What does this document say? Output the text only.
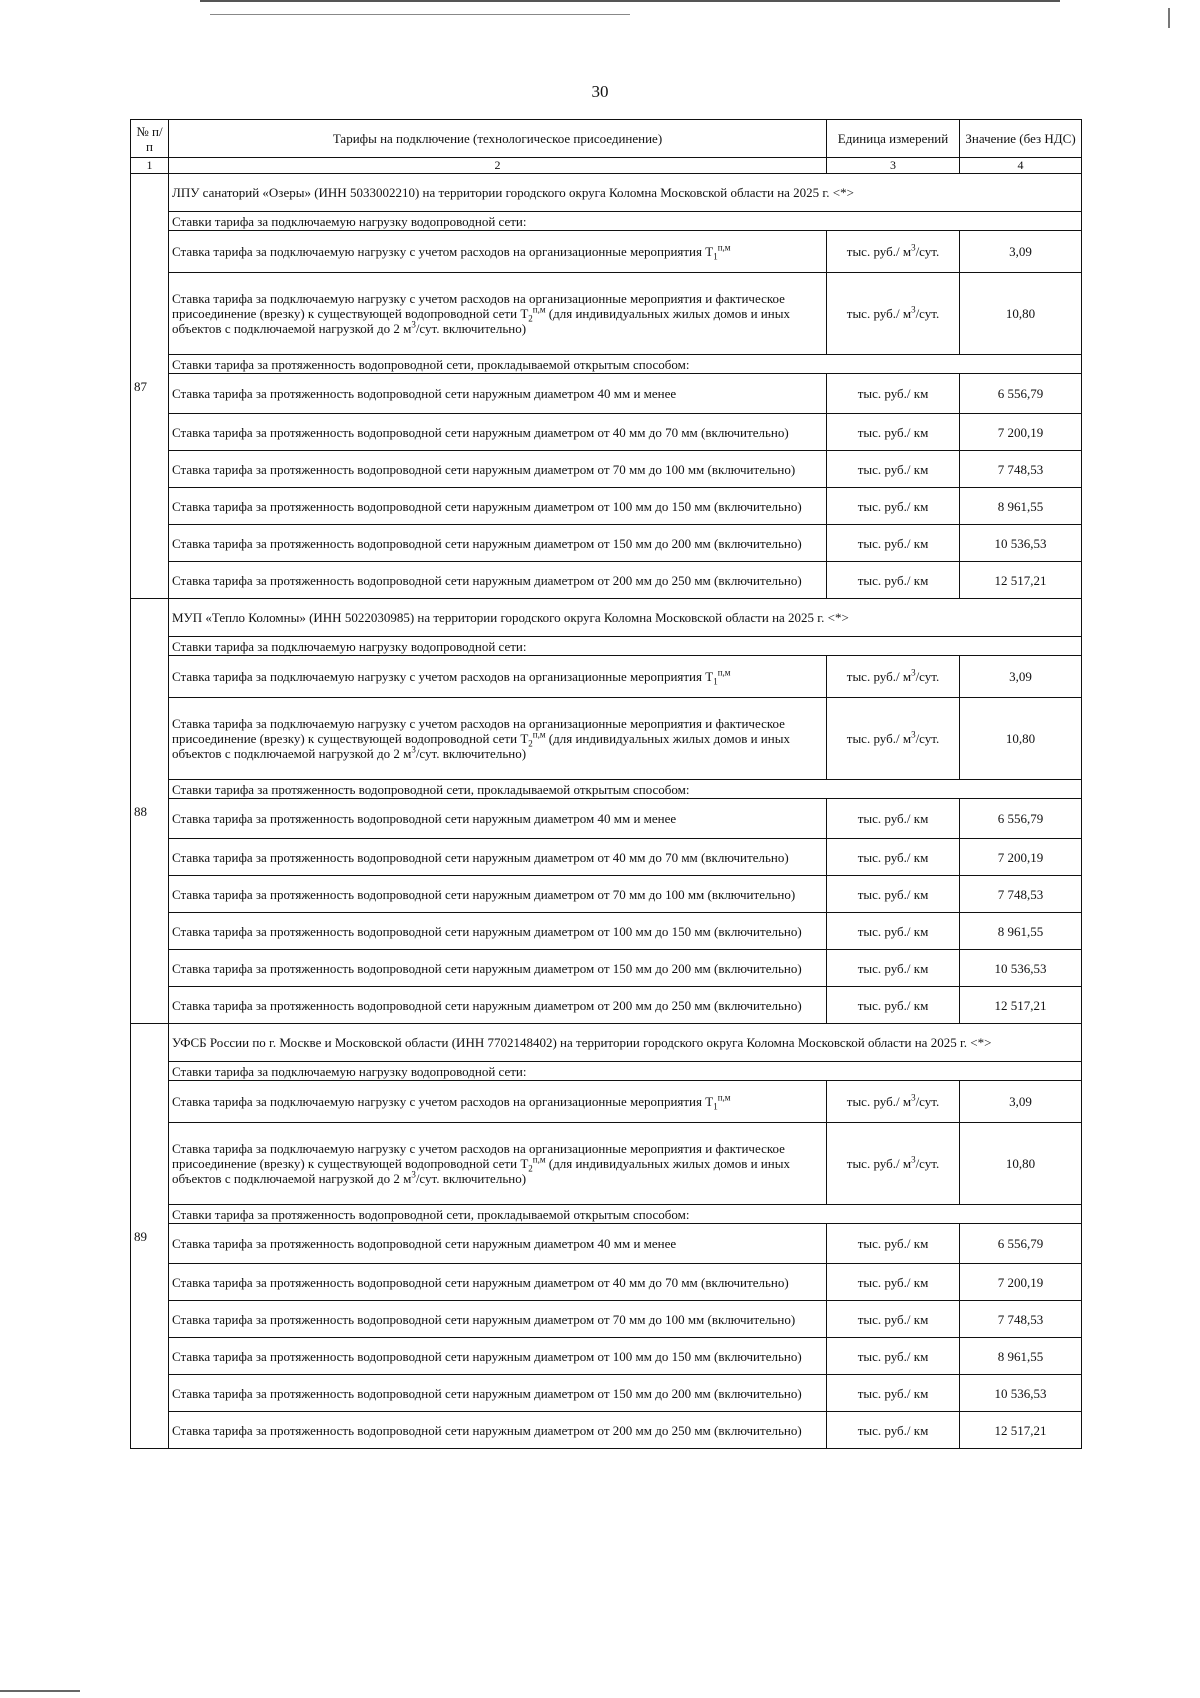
30
№ п/п	Тарифы на подключение (технологическое присоединение)	Единица измерений	Значение (без НДС)
1	2	3	4
87	ЛПУ санаторий «Озеры» (ИНН 5033002210) на территории городского округа Коломна Московской области на 2025 г. <*>		
	Ставки тарифа за подключаемую нагрузку водопроводной сети:		
	Ставка тарифа за подключаемую нагрузку с учетом расходов на организационные мероприятия $T_1^{п,м}$	тыс. руб./ $м^3$/сут.	3,09
	Ставка тарифа за подключаемую нагрузку с учетом расходов на организационные мероприятия и фактическое присоединение (врезку) к существующей водопроводной сети $T_2^{п,м}$ (для индивидуальных жилых домов и иных объектов с подключаемой нагрузкой до 2 $м^3$/сут. включительно)	тыс. руб./ $м^3$/сут.	10,80
	Ставки тарифа за протяженность водопроводной сети, прокладываемой открытым способом:		
	Ставка тарифа за протяженность водопроводной сети наружным диаметром 40 мм и менее	тыс. руб./ км	6 556,79
	Ставка тарифа за протяженность водопроводной сети наружным диаметром от 40 мм до 70 мм (включительно)	тыс. руб./ км	7 200,19
	Ставка тарифа за протяженность водопроводной сети наружным диаметром от 70 мм до 100 мм (включительно)	тыс. руб./ км	7 748,53
	Ставка тарифа за протяженность водопроводной сети наружным диаметром от 100 мм до 150 мм (включительно)	тыс. руб./ км	8 961,55
	Ставка тарифа за протяженность водопроводной сети наружным диаметром от 150 мм до 200 мм (включительно)	тыс. руб./ км	10 536,53
	Ставка тарифа за протяженность водопроводной сети наружным диаметром от 200 мм до 250 мм (включительно)	тыс. руб./ км	12 517,21
88	МУП «Тепло Коломны» (ИНН 5022030985) на территории городского округа Коломна Московской области на 2025 г. <*>		
	Ставки тарифа за подключаемую нагрузку водопроводной сети:		
	Ставка тарифа за подключаемую нагрузку с учетом расходов на организационные мероприятия $T_1^{п,м}$	тыс. руб./ $м^3$/сут.	3,09
	Ставка тарифа за подключаемую нагрузку с учетом расходов на организационные мероприятия и фактическое присоединение (врезку) к существующей водопроводной сети $T_2^{п,м}$ (для индивидуальных жилых домов и иных объектов с подключаемой нагрузкой до 2 $м^3$/сут. включительно)	тыс. руб./ $м^3$/сут.	10,80
	Ставки тарифа за протяженность водопроводной сети, прокладываемой открытым способом:		
	Ставка тарифа за протяженность водопроводной сети наружным диаметром 40 мм и менее	тыс. руб./ км	6 556,79
	Ставка тарифа за протяженность водопроводной сети наружным диаметром от 40 мм до 70 мм (включительно)	тыс. руб./ км	7 200,19
	Ставка тарифа за протяженность водопроводной сети наружным диаметром от 70 мм до 100 мм (включительно)	тыс. руб./ км	7 748,53
	Ставка тарифа за протяженность водопроводной сети наружным диаметром от 100 мм до 150 мм (включительно)	тыс. руб./ км	8 961,55
	Ставка тарифа за протяженность водопроводной сети наружным диаметром от 150 мм до 200 мм (включительно)	тыс. руб./ км	10 536,53
	Ставка тарифа за протяженность водопроводной сети наружным диаметром от 200 мм до 250 мм (включительно)	тыс. руб./ км	12 517,21
89	УФСБ России по г. Москве и Московской области (ИНН 7702148402) на территории городского округа Коломна Московской области на 2025 г. <*>		
	Ставки тарифа за подключаемую нагрузку водопроводной сети:		
	Ставка тарифа за подключаемую нагрузку с учетом расходов на организационные мероприятия $T_1^{п,м}$	тыс. руб./ $м^3$/сут.	3,09
	Ставка тарифа за подключаемую нагрузку с учетом расходов на организационные мероприятия и фактическое присоединение (врезку) к существующей водопроводной сети $T_2^{п,м}$ (для индивидуальных жилых домов и иных объектов с подключаемой нагрузкой до 2 $м^3$/сут. включительно)	тыс. руб./ $м^3$/сут.	10,80
	Ставки тарифа за протяженность водопроводной сети, прокладываемой открытым способом:		
	Ставка тарифа за протяженность водопроводной сети наружным диаметром 40 мм и менее	тыс. руб./ км	6 556,79
	Ставка тарифа за протяженность водопроводной сети наружным диаметром от 40 мм до 70 мм (включительно)	тыс. руб./ км	7 200,19
	Ставка тарифа за протяженность водопроводной сети наружным диаметром от 70 мм до 100 мм (включительно)	тыс. руб./ км	7 748,53
	Ставка тарифа за протяженность водопроводной сети наружным диаметром от 100 мм до 150 мм (включительно)	тыс. руб./ км	8 961,55
	Ставка тарифа за протяженность водопроводной сети наружным диаметром от 150 мм до 200 мм (включительно)	тыс. руб./ км	10 536,53
	Ставка тарифа за протяженность водопроводной сети наружным диаметром от 200 мм до 250 мм (включительно)	тыс. руб./ км	12 517,21
